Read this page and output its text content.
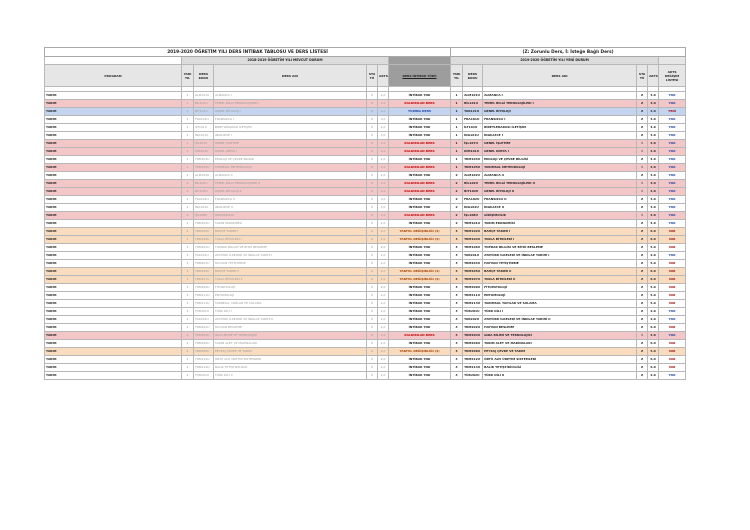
2019-2020 ÖĞRETİM YILI DERS İNTİBAK TABLOSU VE DERS LİSTESİ							(Z: Zorunlu Ders, İ: İsteğe Bağlı Ders)					
	2018-2019 ÖĞRETİM YILI MEVCUT DURUM						2019-2020 ÖĞRETİM YILI YENİ DURUM					
PROGRAM	YARI YIL	DERS KODU	DERS ADI	STA TÜ	AKTS	DERS İNTİBAK TÜRÜ	YARI YIL	DERS KODU	DERS ADI	STA TÜ	AKTS	AKTS DEĞİŞİM LİSTESİ

TARIM	1	ALM101U	ALMANCA I	Z	4.0	İNTİBAK YOK	1	ALM101U	ALMANCA I	Z	3.0	YOK
TARIM	1	BİL101U	TEMEL BİLGİ TEKNOLOJİLERİ I	Z	4.0	KALDIRILAN DERS	1	BİL101U	TEMEL BİLGİ TEKNOLOJİLERİ I	Z	3.0	YOK
TARIM	1	BİY101U	GENEL BİYOLOJİ I	Z	4.0	YURİNG DERS	1	TAR121U	GENEL BİYOLOJİ	Z	4.0	YENİ
TARIM	1	FRA101U	FRANSIZCA I	Z	3.0	İNTİBAK YOK	1	FRA101U	FRANSIZCA I	Z	3.0	YOK
TARIM	1	İLT101U	BİREYLERARASI İLETİŞİM	Z	4.0	İNTİBAK YOK	1	İLT101U	BİREYLERARASI İLETİŞİM	Z	4.0	YOK
TARIM	1	İNG101U	İNGİLİZCE I	Z	3.0	İNTİBAK YOK	1	İNG101U	İNGİLİZCE I	Z	3.0	YOK
TARIM	1	İŞL107U	GENEL İŞLETME	Z	4.0	KALDIRILAN DERS	1	İŞL107U	GENEL İŞLETME	İ	4.0	YOK
TARIM	1	KİM101U	GENEL KİMYA I	Z	4.0	KALDIRILAN DERS	1	KİM101U	GENEL KİMYA I	İ	4.0	YOK
TARIM	1	TRM103U	EKOLOJİ VE ÇEVRE BİLGİSİ	Z	4.0	İNTİBAK YOK	1	TRM103U	EKOLOJİ VE ÇEVRE BİLGİSİ	Z	4.0	YOK
TARIM	1	TRM105U	TARIMSAL METEOROLOJİ	Z	4.0	KALDIRILAN DERS	1	TRM105U	TARIMSAL METEOROLOJİ	İ	4.0	YOK
TARIM	2	ALM102U	ALMANCA II	Z	4.0	İNTİBAK YOK	2	ALM102U	ALMANCA II	Z	3.0	YOK
TARIM	2	BİL102U	TEMEL BİLGİ TEKNOLOJİLERİ II	Z	4.0	KALDIRILAN DERS	2	BİL102U	TEMEL BİLGİ TEKNOLOJİLERİ II	İ	3.0	YOK
TARIM	2	BİY102U	GENEL BİYOLOJİ II	Z	4.0	KALDIRILAN DERS	2	BİY102U	GENEL BİYOLOJİ II	İ	4.0	YOK
TARIM	2	FRA102U	FRANSIZCA II	Z	3.0	İNTİBAK YOK	2	FRA102U	FRANSIZCA II	Z	3.0	YOK
TARIM	2	İNG102U	İNGİLİZCE II	Z	3.0	İNTİBAK YOK	2	İNG102U	İNGİLİZCE II	Z	3.0	YOK
TARIM	2	İŞL108U	GİRİŞİMCİLİK	Z	4.0	KALDIRILAN DERS	2	İŞL108U	GİRİŞİMCİLİK	İ	4.0	YOK
TARIM	2	TRM102U	TARIM EKONOMİSİ	Z	4.0	İNTİBAK YOK	2	TRM101U	TARIM EKONOMİSİ	Z	4.0	YOK
TARIM	2	TRM106U	BAHÇE TARIMI I	Z	4.0	YARIYIL DEĞİŞİKLİĞİ (3)	3	TRM102U	BAHÇE TARIMI I	Z	6.0	VAR
TARIM	2	TRM108U	TARLA BİTKİLERİ I	Z	4.0	YARIYIL DEĞİŞİKLİĞİ (3)	3	TRM104U	TARLA BİTKİLERİ I	Z	6.0	VAR
TARIM	3	TRM201U	TOPRAK BİLGİSİ VE BİTKİ BESLEME	Z	4.0	İNTİBAK YOK	3	TRM106U	TOPRAK BİLGİSİ VE BİTKİ BESLEME	Z	5.0	VAR
TARIM	3	TAR201U	ATATÜRK İLKELERİ VE İNKILAP TARİHİ I	Z	2.0	İNTİBAK YOK	3	TAR201U	ATATÜRK İLKELERİ VE İNKILAP TARİHİ I	Z	2.0	YOK
TARIM	3	TRM203U	HAYVAN YETİŞTİRME	Z	4.0	İNTİBAK YOK	3	TRM203U	HAYVAN YETİŞTİRME	Z	5.0	VAR
TARIM	3	TRM205U	BAHÇE TARIMI II	Z	4.0	YARIYIL DEĞİŞİKLİĞİ (4)	4	TRM205U	BAHÇE TARIMI II	Z	6.0	VAR
TARIM	3	TRM207U	TARLA BİTKİLERİ II	Z	4.0	YARIYIL DEĞİŞİKLİĞİ (4)	4	TRM207U	TARLA BİTKİLERİ II	Z	6.0	VAR
TARIM	3	TRM209U	FİTOPATOLOJİ	Z	4.0	İNTİBAK YOK	3	TRM209U	FİTOPATOLOJİ	Z	5.0	VAR
TARIM	3	TRM211U	ENTOMOLOJİ	Z	4.0	İNTİBAK YOK	3	TRM211U	ENTOMOLOJİ	Z	5.0	VAR
TARIM	3	TRM213U	TARIMSAL YAPILAR VE SULAMA	Z	4.0	İNTİBAK YOK	3	TRM213U	TARIMSAL YAPILAR VE SULAMA	Z	5.0	VAR
TARIM	3	TÜR201U	TÜRK DİLİ I	Z	2.0	İNTİBAK YOK	3	TÜR201U	TÜRK DİLİ I	Z	2.0	YOK
TARIM	4	TAR202U	ATATÜRK İLKELERİ VE İNKILAP TARİHİ II	Z	2.0	İNTİBAK YOK	4	TAR202U	ATATÜRK İLKELERİ VE İNKILAP TARİHİ II	Z	2.0	YOK
TARIM	4	TRM202U	HAYVAN BESLEME	Z	4.0	İNTİBAK YOK	4	TRM202U	HAYVAN BESLEME	Z	6.0	VAR
TARIM	4	TRM204U	GIDA BİLİMİ VE TEKNOLOJİSİ	Z	4.0	KALDIRILAN DERS	4	TRM204U	GIDA BİLİMİ VE TEKNOLOJİSİ	İ	4.0	YOK
TARIM	4	TRM206U	TARIM ALET VE MAKİNALARI	Z	4.0	İNTİBAK YOK	4	TRM206U	TARIM ALET VE MAKİNALARI	Z	6.0	VAR
TARIM	4	TRM208U	PEYZAJ ÇEVRE VE TARIM	Z	4.0	YARIYIL DEĞİŞİKLİĞİ (3)	3	TRM208U	PEYZAJ ÇEVRE VE TARIM	Z	5.0	VAR
TARIM	4	TRM212U	ÖRTÜ ALTI ÜRETİM SİSTEMLERİ	Z	4.0	İNTİBAK YOK	4	TRM212U	ÖRTÜ ALTI ÜRETİM SİSTEMLERİ	Z	6.0	VAR
TARIM	4	TRM214U	BALIK YETİŞTİRİCİLİĞİ	Z	4.0	İNTİBAK YOK	4	TRM214U	BALIK YETİŞTİRİCİLİĞİ	Z	6.0	VAR
TARIM	4	TÜR202U	TÜRK DİLİ II	Z	2.0	İNTİBAK YOK	4	TÜR202U	TÜRK DİLİ II	Z	2.0	YOK
